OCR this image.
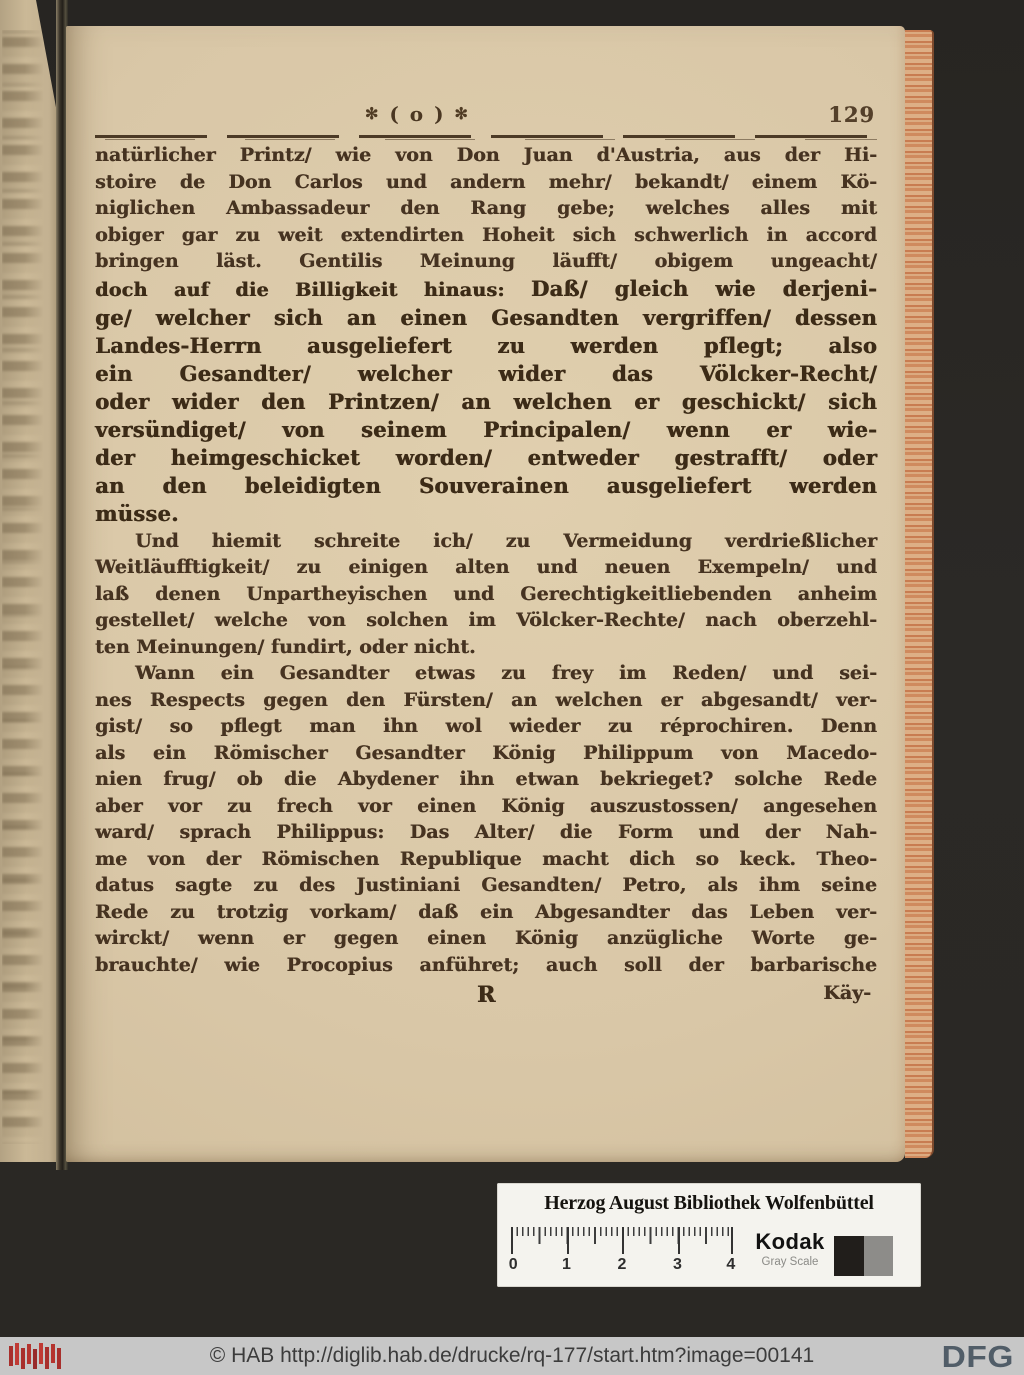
✻ ( o ) ✻	129
natürlicher Printz/ wie von Don Juan d'Austria, aus der Hi-
stoire de Don Carlos und andern mehr/ bekandt/ einem Kö-
niglichen Ambassadeur den Rang gebe; welches alles mit
obiger gar zu weit extendirten Hoheit sich schwerlich in accord
bringen läst. Gentilis Meinung läufft/ obigem ungeacht/
doch auf die Billigkeit hinaus: Daß/ gleich wie derjeni-
ge/ welcher sich an einen Gesandten vergriffen/ dessen
Landes-Herrn ausgeliefert zu werden pflegt; also
ein Gesandter/ welcher wider das Völcker-Recht/
oder wider den Printzen/ an welchen er geschickt/ sich
versündiget/ von seinem Principalen/ wenn er wie-
der heimgeschicket worden/ entweder gestrafft/ oder
an den beleidigten Souverainen ausgeliefert werden
müsse.
Und hiemit schreite ich/ zu Vermeidung verdrießlicher
Weitläufftigkeit/ zu einigen alten und neuen Exempeln/ und
laß denen Unpartheyischen und Gerechtigkeitliebenden anheim
gestellet/ welche von solchen im Völcker-Rechte/ nach oberzehl-
ten Meinungen/ fundirt, oder nicht.
Wann ein Gesandter etwas zu frey im Reden/ und sei-
nes Respects gegen den Fürsten/ an welchen er abgesandt/ ver-
gist/ so pflegt man ihn wol wieder zu réprochiren. Denn
als ein Römischer Gesandter König Philippum von Macedo-
nien frug/ ob die Abydener ihn etwan bekrieget? solche Rede
aber vor zu frech vor einen König auszustossen/ angesehen
ward/ sprach Philippus: Das Alter/ die Form und der Nah-
me von der Römischen Republique macht dich so keck. Theo-
datus sagte zu des Justiniani Gesandten/ Petro, als ihm seine
Rede zu trotzig vorkam/ daß ein Abgesandter das Leben ver-
wirckt/ wenn er gegen einen König anzügliche Worte ge-
brauchte/ wie Procopius anführet; auch soll der barbarische
R	Käy-
Herzog August Bibliothek Wolfenbüttel
0	1	2	3	4
Kodak
Gray Scale
© HAB http://diglib.hab.de/drucke/rq-177/start.htm?image=00141	DFG
